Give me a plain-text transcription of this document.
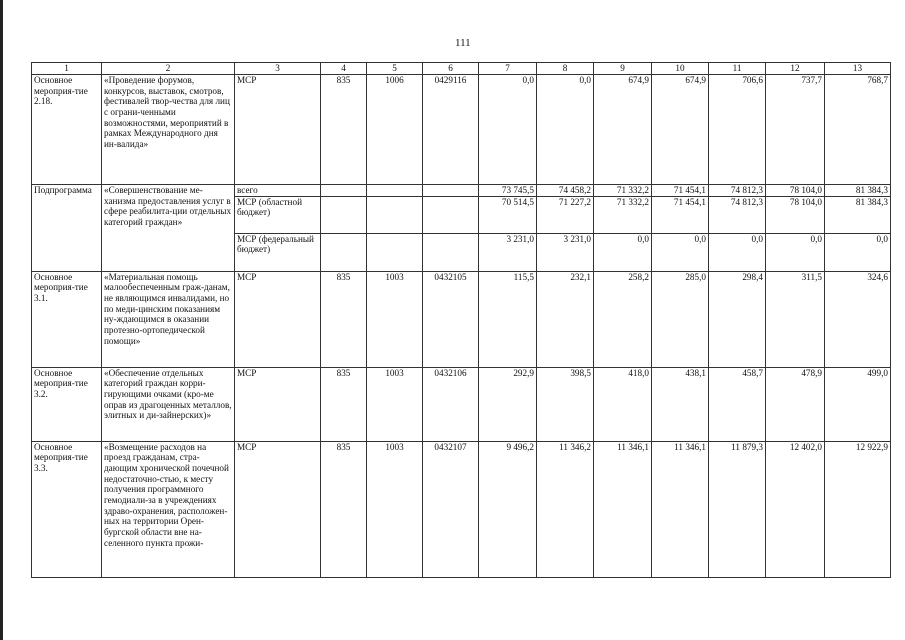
111
1	2	3	4	5	6	7	8	9	10	11	12	13
Основное мероприя-тие 2.18.	«Проведение форумов, конкурсов, выставок, смотров, фестивалей твор-чества для лиц с ограни-ченными возможностями, мероприятий в рамках Международного дня ин-валида»	МСР	835	1006	0429116	0,0	0,0	674,9	674,9	706,6	737,7	768,7
Подпрограмма	«Совершенствование ме-ханизма предоставления услуг в сфере реабилита-ции отдельных категорий граждан»	всего				73 745,5	74 458,2	71 332,2	71 454,1	74 812,3	78 104,0	81 384,3
		МСР (областной бюджет)				70 514,5	71 227,2	71 332,2	71 454,1	74 812,3	78 104,0	81 384,3
		МСР (федеральный бюджет)				3 231,0	3 231,0	0,0	0,0	0,0	0,0	0,0
Основное мероприя-тие 3.1.	«Материальная помощь малообеспеченным граж-данам, не являющимся инвалидами, но по меди-цинским показаниям ну-ждающимся в оказании протезно-ортопедической помощи»	МСР	835	1003	0432105	115,5	232,1	258,2	285,0	298,4	311,5	324,6
Основное мероприя-тие 3.2.	«Обеспечение отдельных категорий граждан корри-гирующими очками (кро-ме оправ из драгоценных металлов, элитных и ди-зайнерских)»	МСР	835	1003	0432106	292,9	398,5	418,0	438,1	458,7	478,9	499,0
Основное мероприя-тие 3.3.	«Возмещение расходов на проезд гражданам, стра-дающим хронической почечной недостаточно-стью, к месту получения программного гемодиали-за в учреждениях здраво-охранения, расположен-ных на территории Орен-бургской области вне на-селенного пункта прожи-	МСР	835	1003	0432107	9 496,2	11 346,2	11 346,1	11 346,1	11 879,3	12 402,0	12 922,9
